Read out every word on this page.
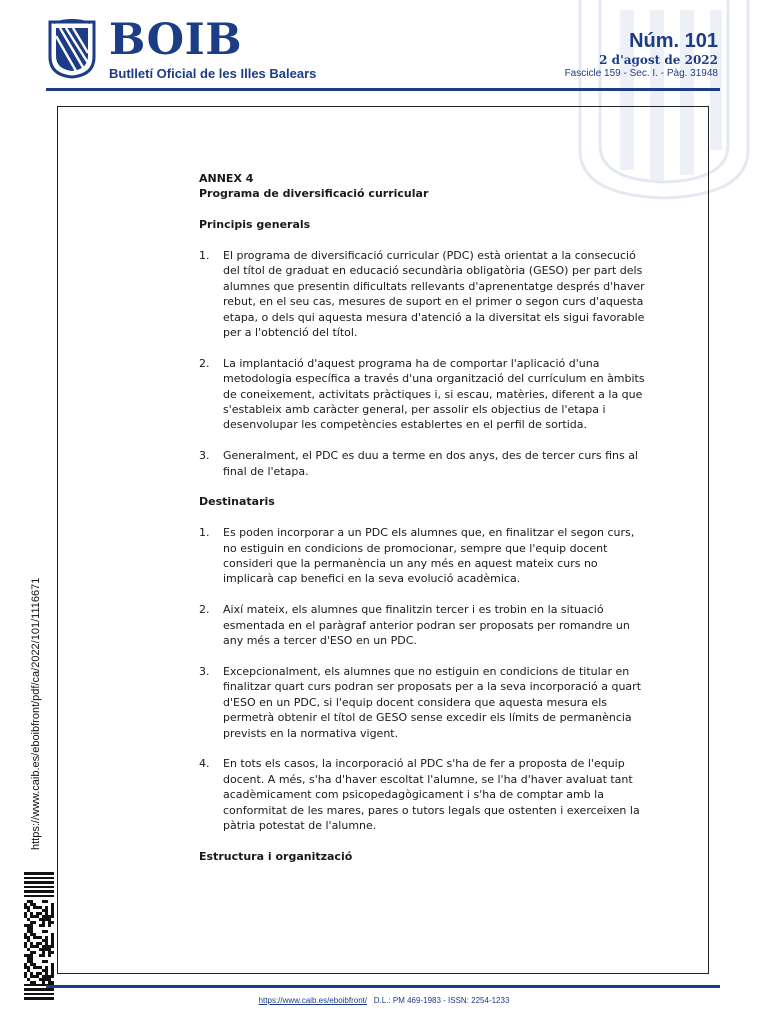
BOIB
Butlletí Oficial de les Illes Balears
Núm. 101
2 d'agost de 2022
Fascicle 159 - Sec. I. - Pàg. 31948

ANNEX 4

Programa de diversificació curricular

Principis generals

1.	El programa de diversificació curricular (PDC) està orientat a la consecució del títol de graduat en educació secundària obligatòria (GESO) per part dels alumnes que presentin dificultats rellevants d'aprenentatge després d'haver rebut, en el seu cas, mesures de suport en el primer o segon curs d'aquesta etapa, o dels qui aquesta mesura d'atenció a la diversitat els sigui favorable per a l'obtenció del títol.
2.	La implantació d'aquest programa ha de comportar l'aplicació d'una metodologia específica a través d'una organització del currículum en àmbits de coneixement, activitats pràctiques i, si escau, matèries, diferent a la que s'estableix amb caràcter general, per assolir els objectius de l'etapa i desenvolupar les competències establertes en el perfil de sortida.
3.	Generalment, el PDC es duu a terme en dos anys, des de tercer curs fins al final de l'etapa.

Destinataris

1.	Es poden incorporar a un PDC els alumnes que, en finalitzar el segon curs, no estiguin en condicions de promocionar, sempre que l'equip docent consideri que la permanència un any més en aquest mateix curs no implicarà cap benefici en la seva evolució acadèmica.
2.	Així mateix, els alumnes que finalitzin tercer i es trobin en la situació esmentada en el paràgraf anterior podran ser proposats per romandre un any més a tercer d'ESO en un PDC.
3.	Excepcionalment, els alumnes que no estiguin en condicions de titular en finalitzar quart curs podran ser proposats per a la seva incorporació a quart d'ESO en un PDC, si l'equip docent considera que aquesta mesura els permetrà obtenir el títol de GESO sense excedir els límits de permanència prevists en la normativa vigent.
4.	En tots els casos, la incorporació al PDC s'ha de fer a proposta de l'equip docent. A més, s'ha d'haver escoltat l'alumne, se l'ha d'haver avaluat tant acadèmicament com psicopedagògicament i s'ha de comptar amb la conformitat de les mares, pares o tutors legals que ostenten i exerceixen la pàtria potestat de l'alumne.

Estructura i organització

https://www.caib.es/eboibfront/pdf/ca/2022/101/1116671
https://www.caib.es/eboibfront/ D.L.: PM 469-1983 - ISSN: 2254-1233
